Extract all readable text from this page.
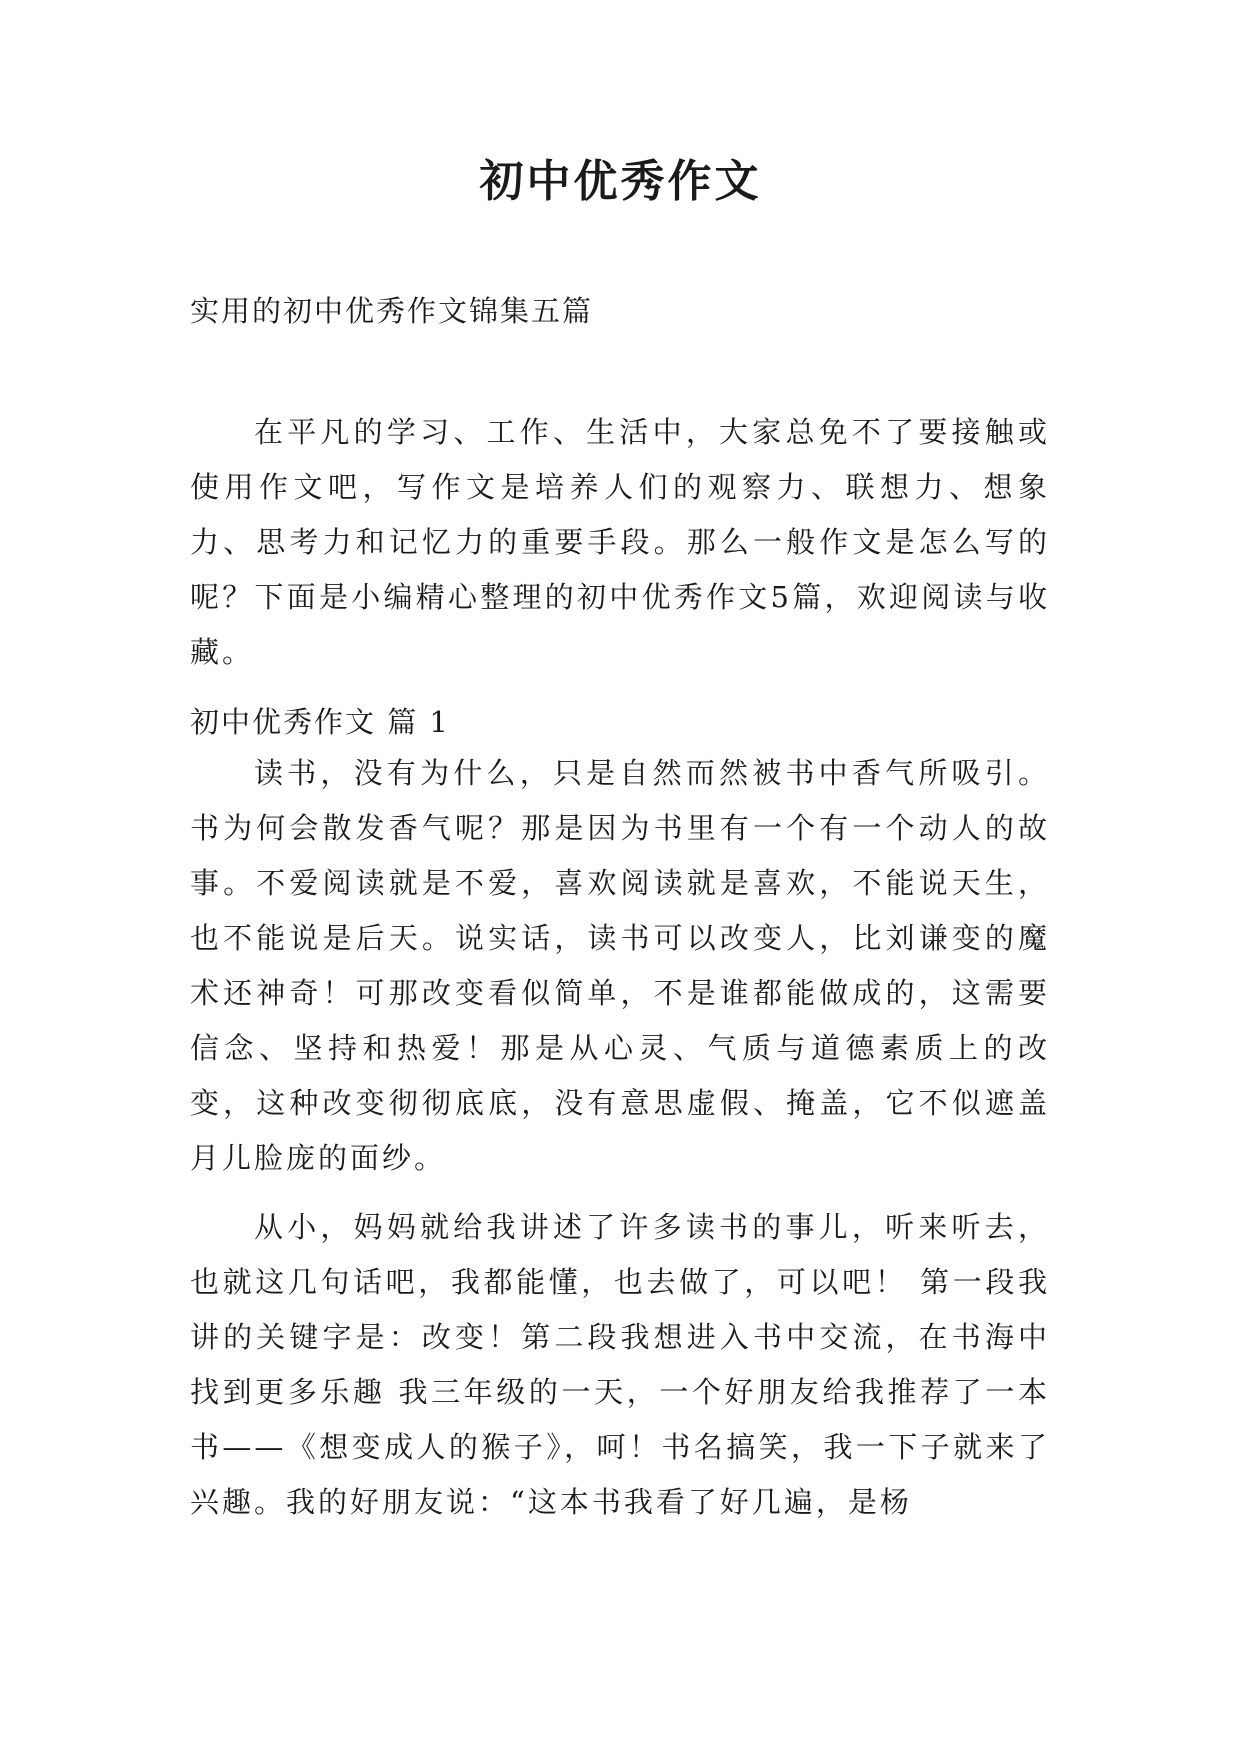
初中优秀作文

实用的初中优秀作文锦集五篇

在平凡的学习、工作、生活中，大家总免不了要接触或使用作文吧，写作文是培养人们的观察力、联想力、想象力、思考力和记忆力的重要手段。那么一般作文是怎么写的呢？下面是小编精心整理的初中优秀作文5篇，欢迎阅读与收藏。

初中优秀作文 篇 1

读书，没有为什么，只是自然而然被书中香气所吸引。书为何会散发香气呢？那是因为书里有一个有一个动人的故事。不爱阅读就是不爱，喜欢阅读就是喜欢，不能说天生，也不能说是后天。说实话，读书可以改变人，比刘谦变的魔术还神奇！可那改变看似简单，不是谁都能做成的，这需要信念、坚持和热爱！那是从心灵、气质与道德素质上的改变，这种改变彻彻底底，没有意思虚假、掩盖，它不似遮盖月儿脸庞的面纱。

从小，妈妈就给我讲述了许多读书的事儿，听来听去，也就这几句话吧，我都能懂，也去做了，可以吧！ 第一段我讲的关键字是：改变！第二段我想进入书中交流，在书海中找到更多乐趣 我三年级的一天，一个好朋友给我推荐了一本书——《想变成人的猴子》，呵！书名搞笑，我一下子就来了兴趣。我的好朋友说：“这本书我看了好几遍，是杨
